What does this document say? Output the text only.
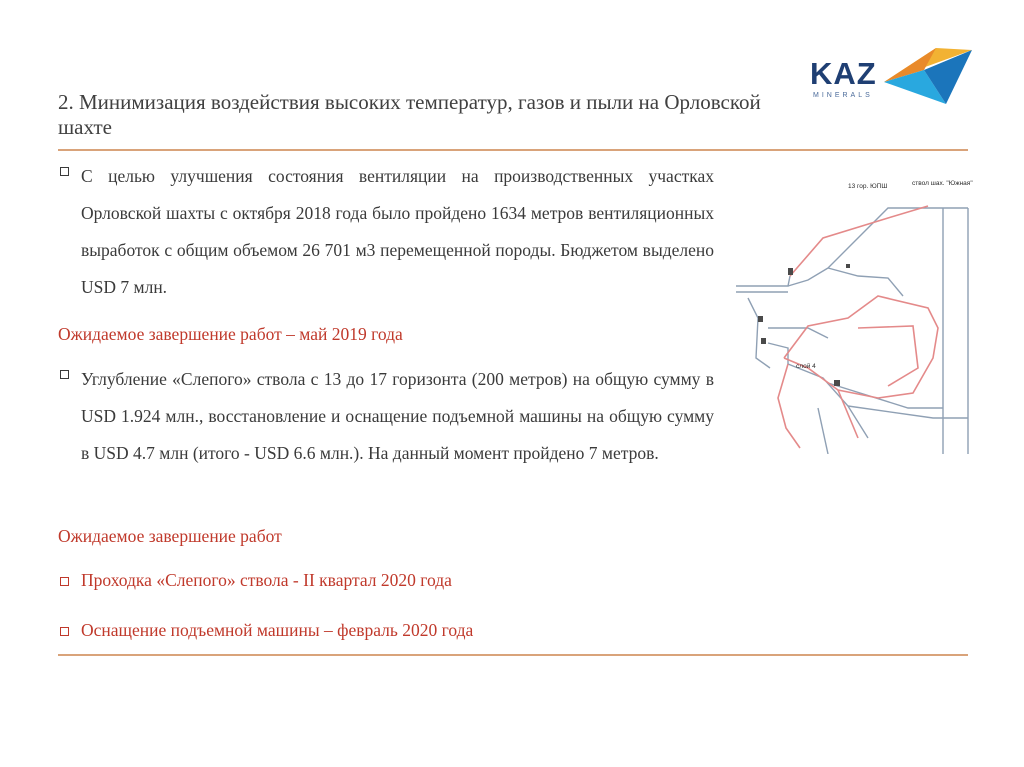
2. Минимизация воздействия высоких температур, газов и пыли на Орловской шахте
KAZ
MINERALS
С целью улучшения состояния вентиляции на производственных участках Орловской шахты с октября 2018 года было пройдено 1634 метров вентиляционных выработок с общим объемом 26 701 м3 перемещенной породы. Бюджетом выделено USD 7 млн.
Ожидаемое завершение работ – май 2019 года
Углубление «Слепого» ствола с 13 до 17 горизонта (200 метров) на общую сумму в USD 1.924 млн., восстановление и оснащение подъемной машины на общую сумму в USD 4.7 млн (итого - USD 6.6 млн.). На данный момент пройдено 7 метров.
Ожидаемое завершение работ
Проходка «Слепого» ствола - II квартал 2020 года
Оснащение подъемной машины – февраль 2020 года
13 гор. ЮПШ	ствол шах. "Южная"
слой 4
